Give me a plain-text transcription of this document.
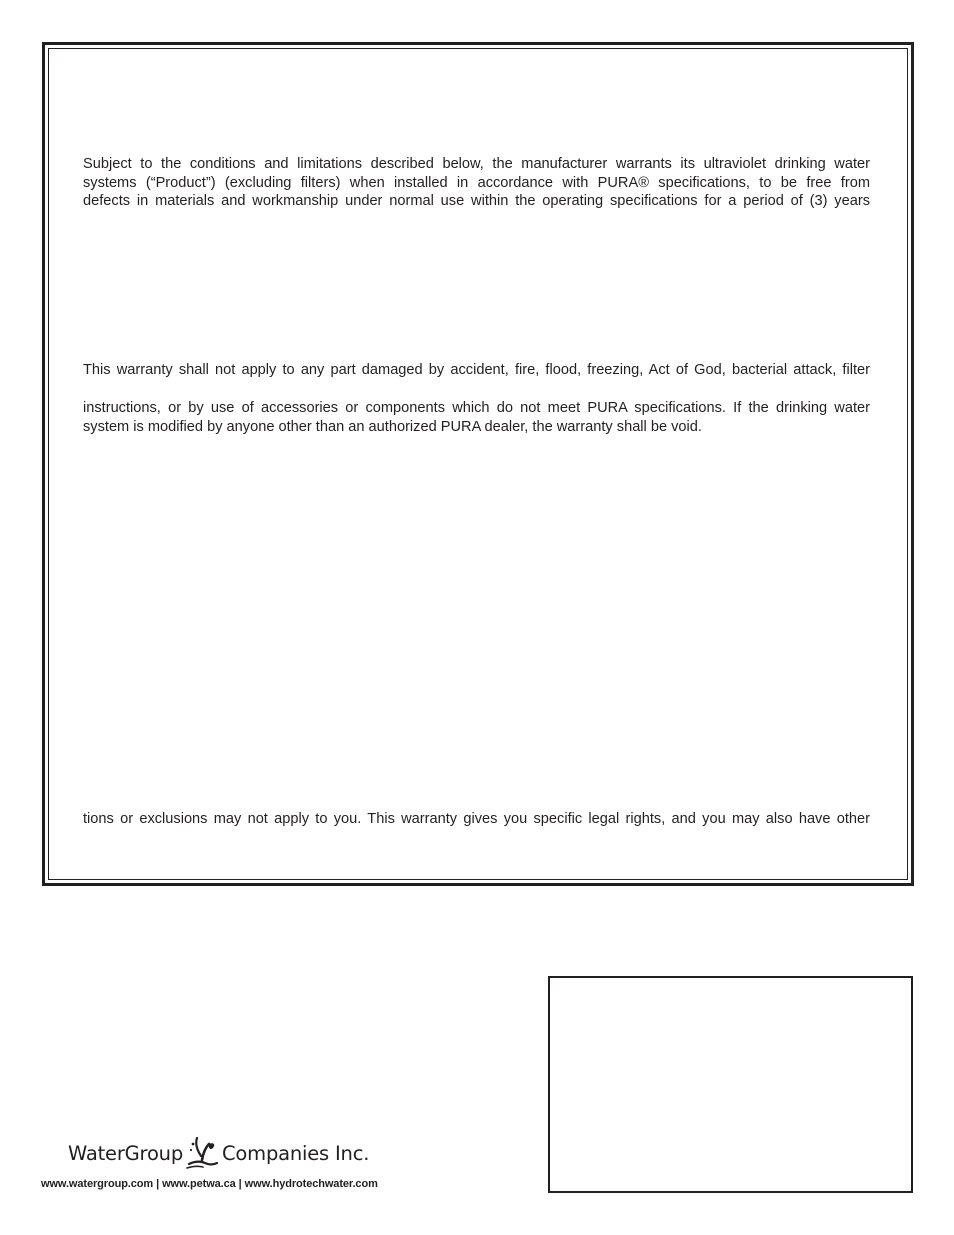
Subject to the conditions and limitations described below, the manufacturer warrants its ultraviolet drinking water
systems (“Product”) (excluding filters) when installed in accordance with PURA® specifications, to be free from
defects in materials and workmanship under normal use within the operating specifications for a period of (3) years
This warranty shall not apply to any part damaged by accident, fire, flood, freezing, Act of God, bacterial attack, filter
instructions, or by use of accessories or components which do not meet PURA specifications. If the drinking water
system is modified by anyone other than an authorized PURA dealer, the warranty shall be void.
tions or exclusions may not apply to you. This warranty gives you specific legal rights, and you may also have other
WaterGroup Companies Inc.
www.watergroup.com | www.petwa.ca | www.hydrotechwater.com
